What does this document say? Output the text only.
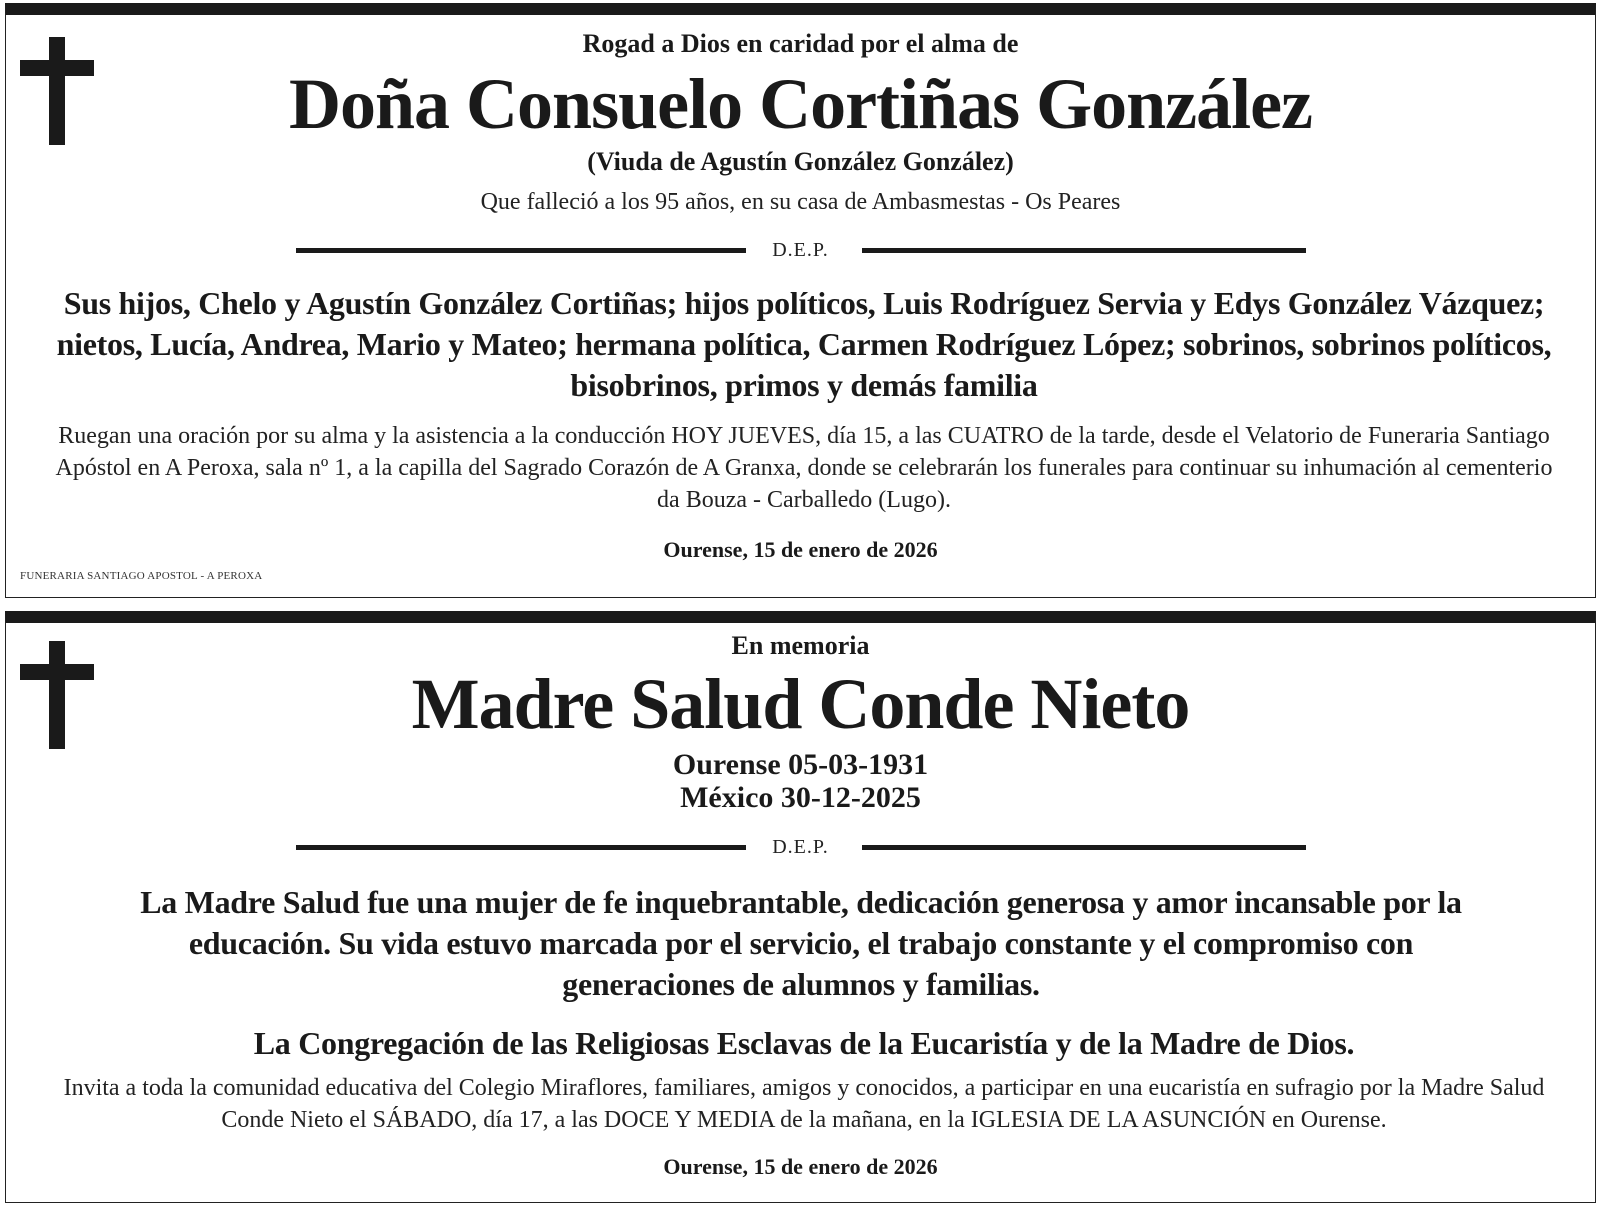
Rogad a Dios en caridad por el alma de
Doña Consuelo Cortiñas González
(Viuda de Agustín González González)
Que falleció a los 95 años, en su casa de Ambasmestas - Os Peares
D.E.P.
Sus hijos, Chelo y Agustín González Cortiñas; hijos políticos, Luis Rodríguez Servia y Edys González Vázquez; nietos, Lucía, Andrea, Mario y Mateo; hermana política, Carmen Rodríguez López; sobrinos, sobrinos políticos, bisobrinos, primos y demás familia
Ruegan una oración por su alma y la asistencia a la conducción HOY JUEVES, día 15, a las CUATRO de la tarde, desde el Velatorio de Funeraria Santiago Apóstol en A Peroxa, sala nº 1, a la capilla del Sagrado Corazón de A Granxa, donde se celebrarán los funerales para continuar su inhumación al cementerio da Bouza - Carballedo (Lugo).
Ourense, 15 de enero de 2026
FUNERARIA SANTIAGO APOSTOL - A PEROXA
En memoria
Madre Salud Conde Nieto
Ourense 05-03-1931
México 30-12-2025
D.E.P.
La Madre Salud fue una mujer de fe inquebrantable, dedicación generosa y amor incansable por la educación. Su vida estuvo marcada por el servicio, el trabajo constante y el compromiso con generaciones de alumnos y familias.
La Congregación de las Religiosas Esclavas de la Eucaristía y de la Madre de Dios.
Invita a toda la comunidad educativa del Colegio Miraflores, familiares, amigos y conocidos, a participar en una eucaristía en sufragio por la Madre Salud Conde Nieto el SÁBADO, día 17, a las DOCE Y MEDIA de la mañana, en la IGLESIA DE LA ASUNCIÓN en Ourense.
Ourense, 15 de enero de 2026
